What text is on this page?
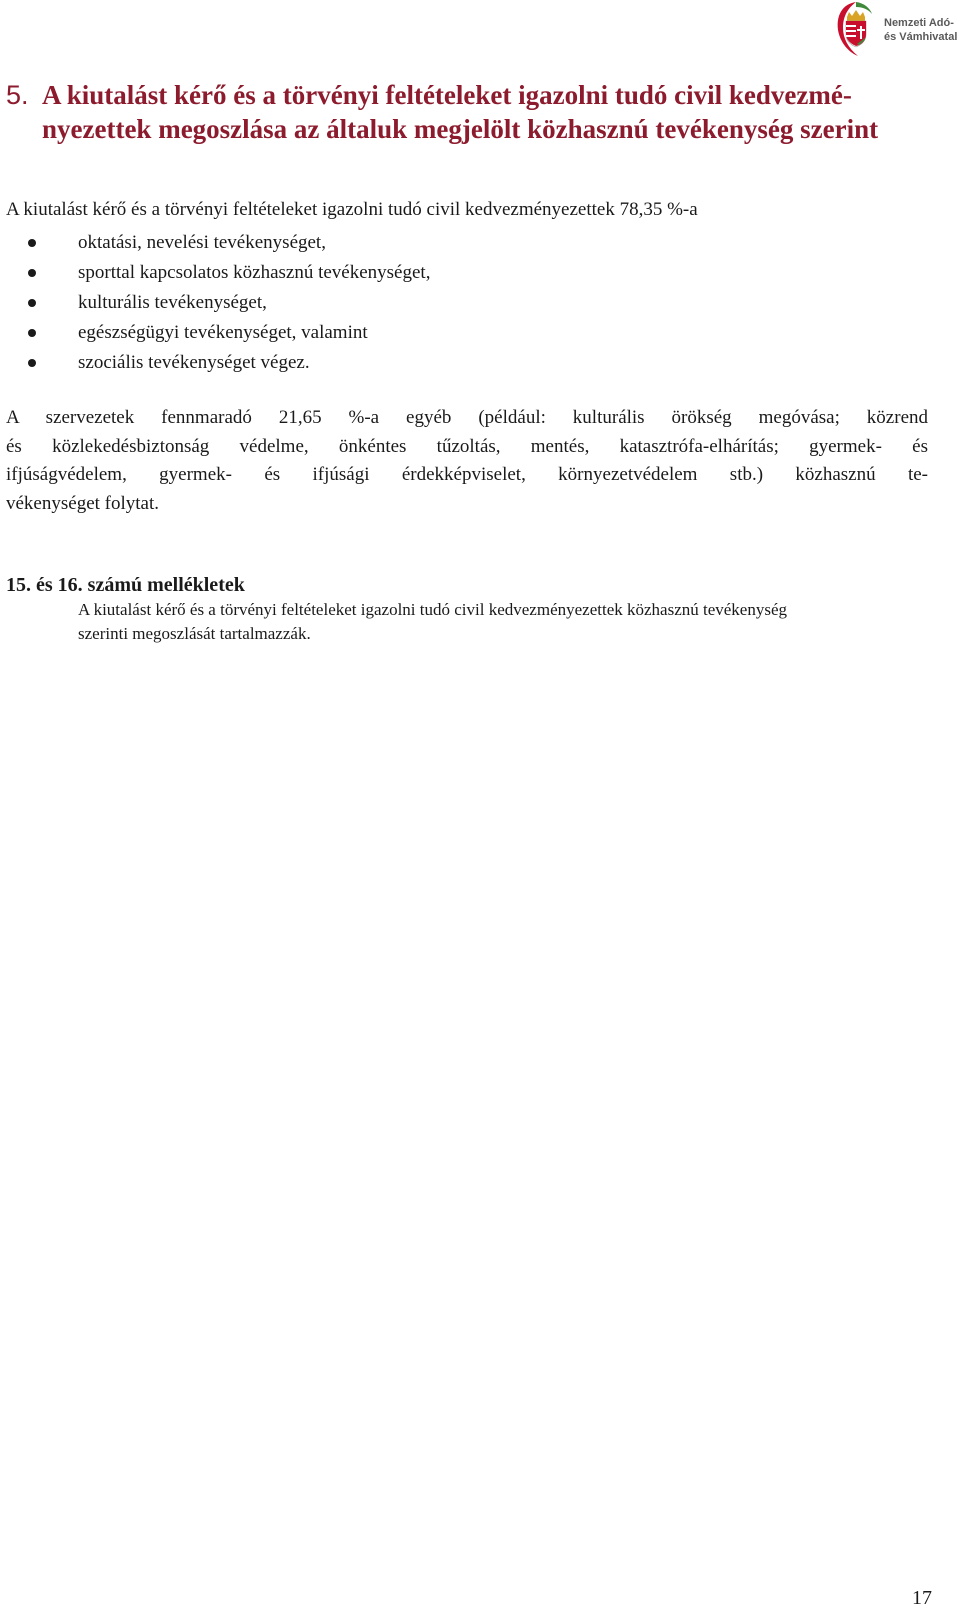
Nemzeti Adó-
és Vámhivatal
5. A kiutalást kérő és a törvényi feltételeket igazolni tudó civil kedvezmé-
nyezettek megoszlása az általuk megjelölt közhasznú tevékenység szerint
A kiutalást kérő és a törvényi feltételeket igazolni tudó civil kedvezményezettek 78,35 %-a
oktatási, nevelési tevékenységet,
sporttal kapcsolatos közhasznú tevékenységet,
kulturális tevékenységet,
egészségügyi tevékenységet, valamint
szociális tevékenységet végez.
A szervezetek fennmaradó 21,65 %-a egyéb (például: kulturális örökség megóvása; közrend
és közlekedésbiztonság védelme, önkéntes tűzoltás, mentés, katasztrófa-elhárítás; gyermek- és
ifjúságvédelem, gyermek- és ifjúsági érdekképviselet, környezetvédelem stb.) közhasznú te-
vékenységet folytat.
15. és 16. számú mellékletek
A kiutalást kérő és a törvényi feltételeket igazolni tudó civil kedvezményezettek közhasznú tevékenység
szerinti megoszlását tartalmazzák.
17
